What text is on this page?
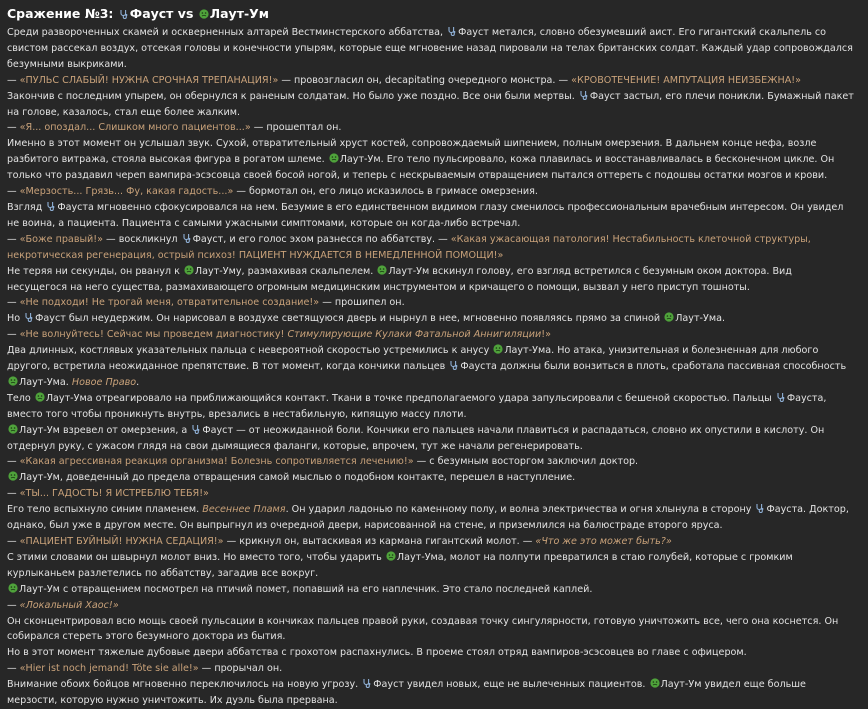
Сражение №3:
Фауст vs
Лаут-Ум

Среди развороченных скамей и оскверненных алтарей Вестминстерского аббатства,
Фауст метался, словно обезумевший аист. Его гигантский скальпель со свистом рассекал воздух, отсекая головы и конечности упырям, которые еще мгновение назад пировали на телах британских солдат. Каждый удар сопровождался безумными выкриками.

— «ПУЛЬС СЛАБЫЙ! НУЖНА СРОЧНАЯ ТРЕПАНАЦИЯ!» — провозгласил он, decapitating очередного монстра. — «КРОВОТЕЧЕНИЕ! АМПУТАЦИЯ НЕИЗБЕЖНА!»

Закончив с последним упырем, он обернулся к раненым солдатам. Но было уже поздно. Все они были мертвы.
Фауст застыл, его плечи поникли. Бумажный пакет на голове, казалось, стал еще более жалким.

— «Я... опоздал... Слишком много пациентов...» — прошептал он.

Именно в этот момент он услышал звук. Сухой, отвратительный хруст костей, сопровождаемый шипением, полным омерзения. В дальнем конце нефа, возле разбитого витража, стояла высокая фигура в рогатом шлеме.
Лаут-Ум. Его тело пульсировало, кожа плавилась и восстанавливалась в бесконечном цикле. Он только что раздавил череп вампира-эсэсовца своей босой ногой, и теперь с нескрываемым отвращением пытался оттереть с подошвы остатки мозгов и крови.

— «Мерзость... Грязь... Фу, какая гадость...» — бормотал он, его лицо исказилось в гримасе омерзения.

Взгляд
Фауста мгновенно сфокусировался на нем. Безумие в его единственном видимом глазу сменилось профессиональным врачебным интересом. Он увидел не воина, а пациента. Пациента с самыми ужасными симптомами, которые он когда-либо встречал.

— «Боже правый!» — воскликнул
Фауст, и его голос эхом разнесся по аббатству. — «Какая ужасающая патология! Нестабильность клеточной структуры, некротическая регенерация, острый психоз! ПАЦИЕНТ НУЖДАЕТСЯ В НЕМЕДЛЕННОЙ ПОМОЩИ!»

Не теряя ни секунды, он рванул к
Лаут-Уму, размахивая скальпелем.
Лаут-Ум вскинул голову, его взгляд встретился с безумным оком доктора. Вид несущегося на него существа, размахивающего огромным медицинским инструментом и кричащего о помощи, вызвал у него приступ тошноты.

— «Не подходи! Не трогай меня, отвратительное создание!» — прошипел он.

Но
Фауст был неудержим. Он нарисовал в воздухе светящуюся дверь и нырнул в нее, мгновенно появляясь прямо за спиной
Лаут-Ума.

— «Не волнуйтесь! Сейчас мы проведем диагностику! Стимулирующие Кулаки Фатальной Аннигиляции!»

Два длинных, костлявых указательных пальца с невероятной скоростью устремились к анусу
Лаут-Ума. Но атака, унизительная и болезненная для любого другого, встретила неожиданное препятствие. В тот момент, когда кончики пальцев
Фауста должны были вонзиться в плоть, сработала пассивная способность
Лаут-Ума. Новое Право.

Тело
Лаут-Ума отреагировало на приближающийся контакт. Ткани в точке предполагаемого удара запульсировали с бешеной скоростью. Пальцы
Фауста, вместо того чтобы проникнуть внутрь, врезались в нестабильную, кипящую массу плоти.

Лаут-Ум взревел от омерзения, а
Фауст — от неожиданной боли. Кончики его пальцев начали плавиться и распадаться, словно их опустили в кислоту. Он отдернул руку, с ужасом глядя на свои дымящиеся фаланги, которые, впрочем, тут же начали регенерировать.

— «Какая агрессивная реакция организма! Болезнь сопротивляется лечению!» — с безумным восторгом заключил доктор.

Лаут-Ум, доведенный до предела отвращения самой мыслью о подобном контакте, перешел в наступление.

— «ТЫ... ГАДОСТЬ! Я ИСТРЕБЛЮ ТЕБЯ!»

Его тело вспыхнуло синим пламенем. Весеннее Пламя. Он ударил ладонью по каменному полу, и волна электричества и огня хлынула в сторону
Фауста. Доктор, однако, был уже в другом месте. Он выпрыгнул из очередной двери, нарисованной на стене, и приземлился на балюстраде второго яруса.

— «ПАЦИЕНТ БУЙНЫЙ! НУЖНА СЕДАЦИЯ!» — крикнул он, вытаскивая из кармана гигантский молот. — «Что же это может быть?»

С этими словами он швырнул молот вниз. Но вместо того, чтобы ударить
Лаут-Ума, молот на полпути превратился в стаю голубей, которые с громким курлыканьем разлетелись по аббатству, загадив все вокруг.

Лаут-Ум с отвращением посмотрел на птичий помет, попавший на его наплечник. Это стало последней каплей.

— «Локальный Хаос!»

Он сконцентрировал всю мощь своей пульсации в кончиках пальцев правой руки, создавая точку сингулярности, готовую уничтожить все, чего она коснется. Он собирался стереть этого безумного доктора из бытия.

Но в этот момент тяжелые дубовые двери аббатства с грохотом распахнулись. В проеме стоял отряд вампиров-эсэсовцев во главе с офицером.

— «Hier ist noch jemand! Töte sie alle!» — прорычал он.

Внимание обоих бойцов мгновенно переключилось на новую угрозу.
Фауст увидел новых, еще не вылеченных пациентов.
Лаут-Ум увидел еще больше мерзости, которую нужно уничтожить. Их дуэль была прервана.
